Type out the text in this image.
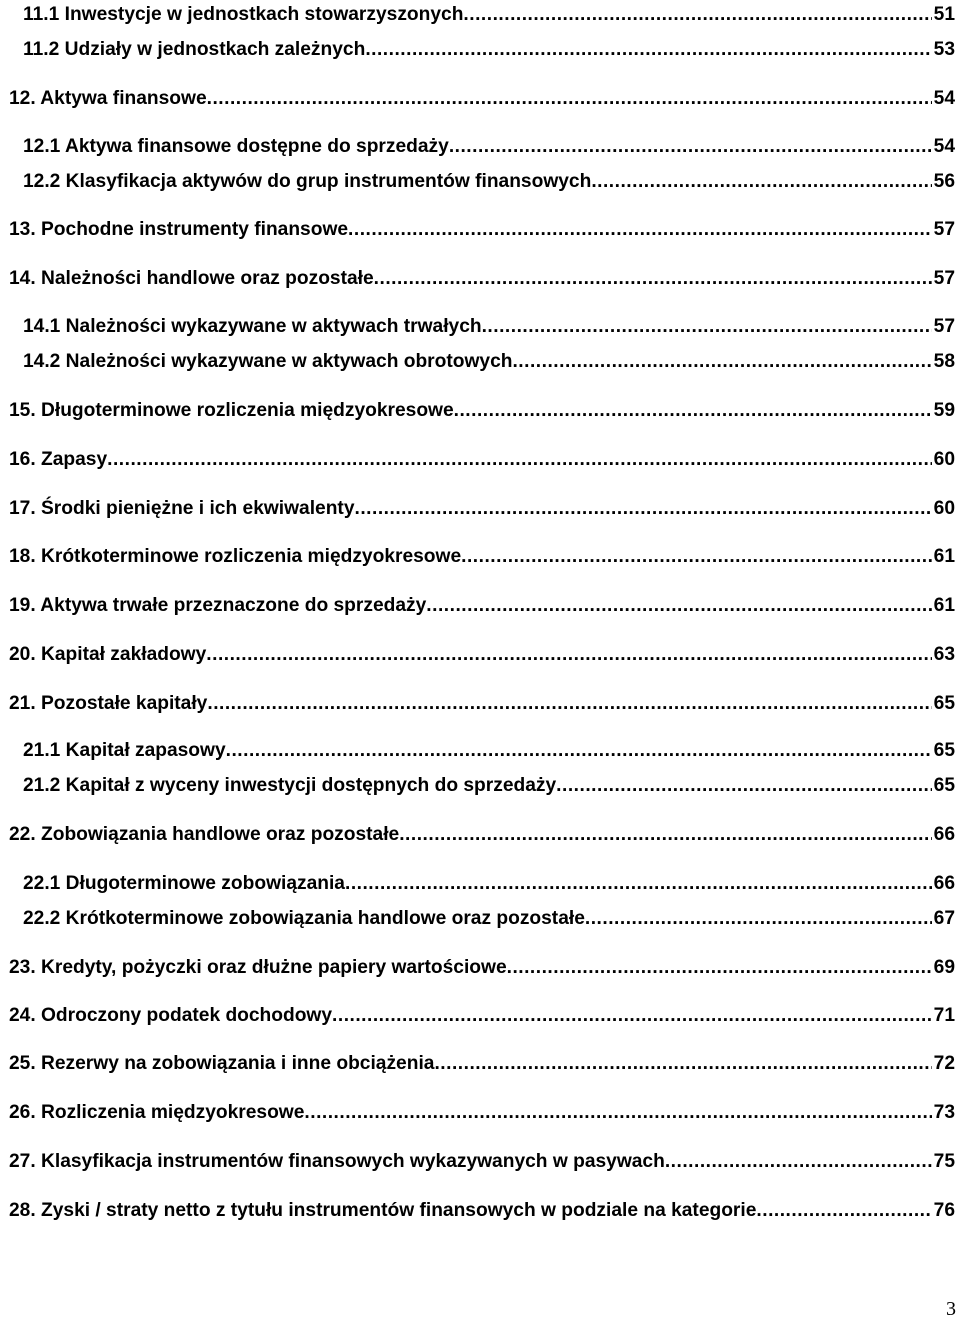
11.1 Inwestycje w jednostkach stowarzyszonych .....	51
11.2 Udziały w jednostkach zależnych .....	53
12. Aktywa finansowe .....	54
12.1 Aktywa finansowe dostępne do sprzedaży .....	54
12.2 Klasyfikacja aktywów do grup instrumentów finansowych .....	56
13. Pochodne instrumenty finansowe .....	57
14. Należności handlowe oraz pozostałe .....	57
14.1 Należności wykazywane w aktywach trwałych .....	57
14.2 Należności wykazywane w aktywach obrotowych .....	58
15. Długoterminowe rozliczenia międzyokresowe .....	59
16. Zapasy .....	60
17. Środki pieniężne i ich ekwiwalenty .....	60
18. Krótkoterminowe rozliczenia międzyokresowe .....	61
19. Aktywa trwałe przeznaczone do sprzedaży .....	61
20. Kapitał zakładowy .....	63
21. Pozostałe kapitały .....	65
21.1 Kapitał zapasowy .....	65
21.2 Kapitał z wyceny inwestycji dostępnych do sprzedaży .....	65
22. Zobowiązania handlowe oraz pozostałe .....	66
22.1 Długoterminowe zobowiązania .....	66
22.2 Krótkoterminowe zobowiązania handlowe oraz pozostałe .....	67
23. Kredyty, pożyczki oraz dłużne papiery wartościowe .....	69
24. Odroczony podatek dochodowy .....	71
25. Rezerwy na zobowiązania i inne obciążenia .....	72
26. Rozliczenia międzyokresowe .....	73
27. Klasyfikacja instrumentów finansowych wykazywanych w pasywach .....	75
28. Zyski / straty netto z tytułu instrumentów finansowych w podziale na kategorie .....	76
3
